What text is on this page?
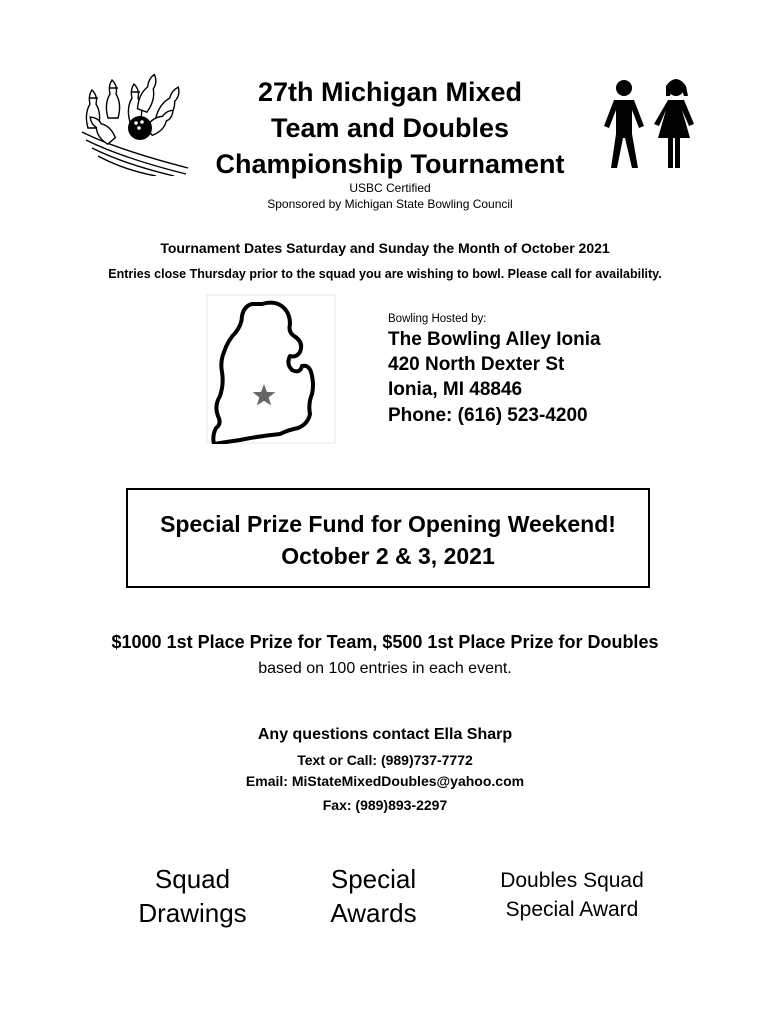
27th Michigan Mixed
Team and Doubles
Championship Tournament
USBC Certified
Sponsored by Michigan State Bowling Council
Tournament Dates Saturday and Sunday the Month of October 2021
Entries close Thursday prior to the squad you are wishing to bowl. Please call for availability.
Bowling Hosted by:
The Bowling Alley Ionia
420 North Dexter St
Ionia, MI 48846
Phone: (616) 523-4200
Special Prize Fund for Opening Weekend!
October 2 & 3, 2021
$1000 1st Place Prize for Team, $500 1st Place Prize for Doubles
based on 100 entries in each event.
Any questions contact Ella Sharp
Text or Call: (989)737-7772
Email: MiStateMixedDoubles@yahoo.com
Fax: (989)893-2297
Squad
Drawings
Special
Awards
Doubles Squad
Special Award
